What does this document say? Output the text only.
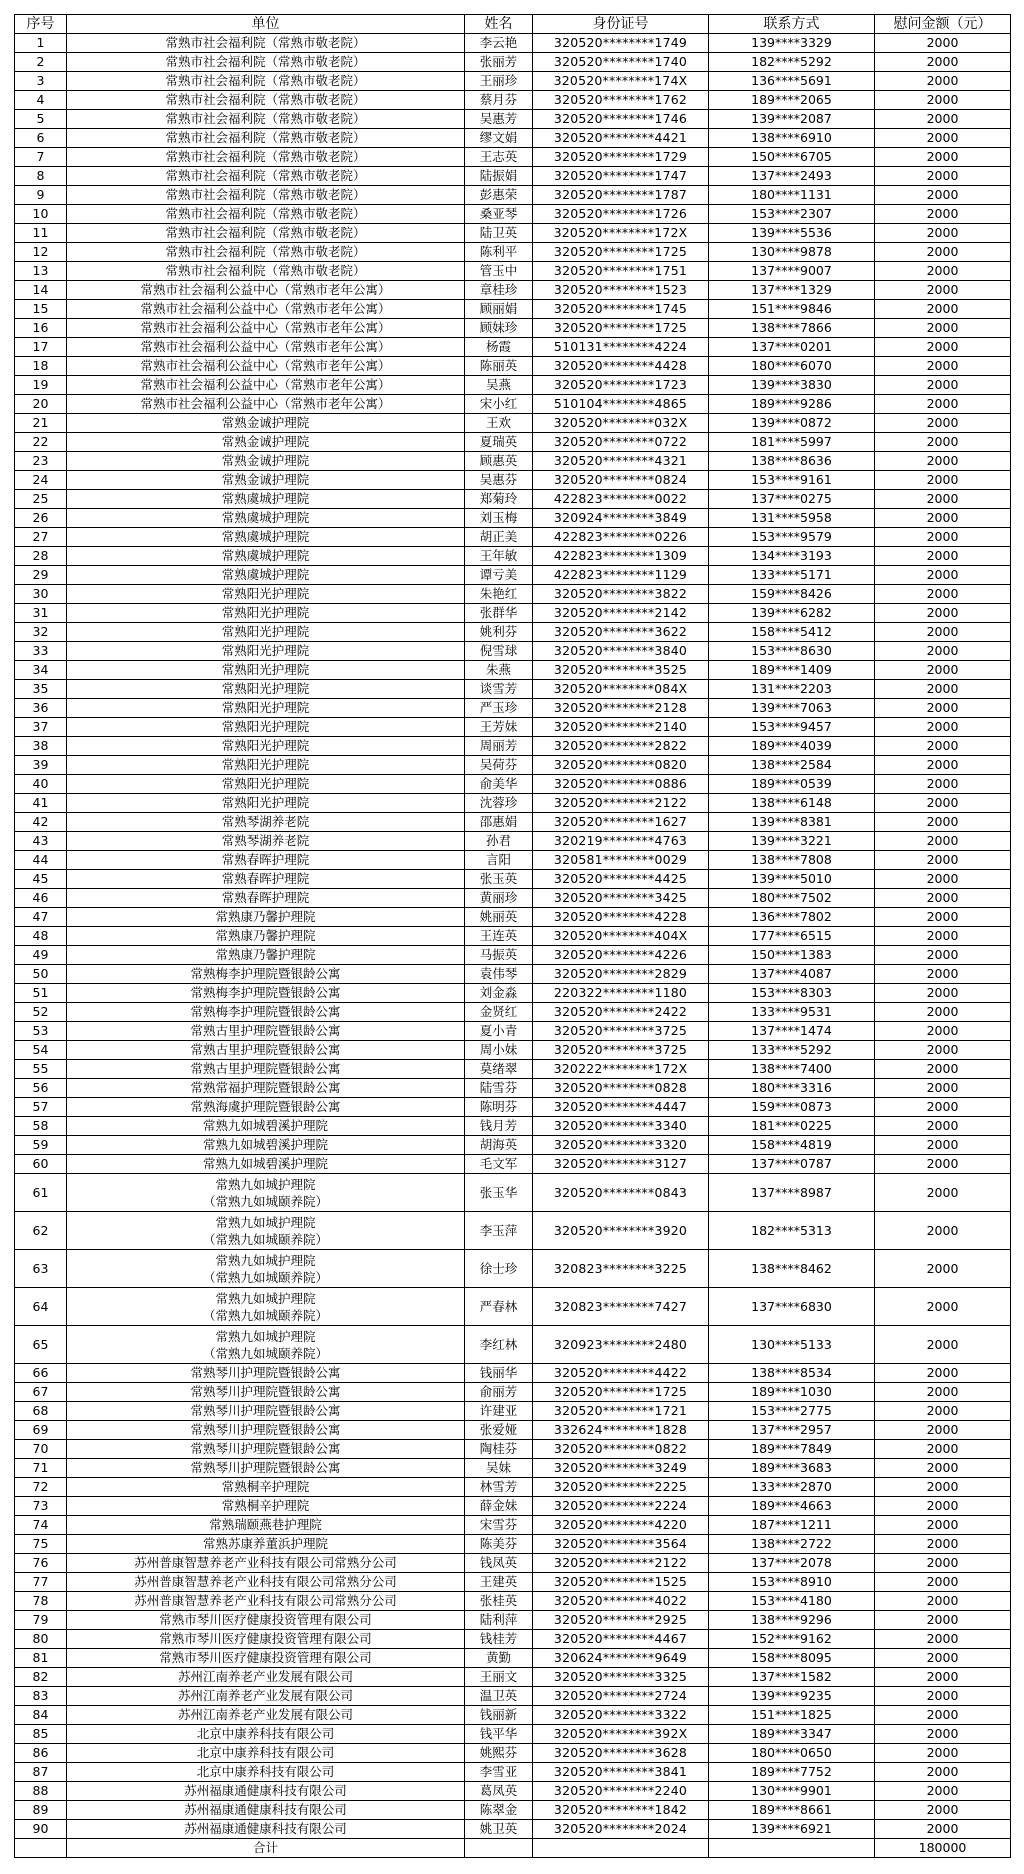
序号	单位	姓名	身份证号	联系方式	慰问金额（元）
1	常熟市社会福利院（常熟市敬老院）	李云艳	320520********1749	139****3329	2000
2	常熟市社会福利院（常熟市敬老院）	张丽芳	320520********1740	182****5292	2000
3	常熟市社会福利院（常熟市敬老院）	王丽珍	320520********174X	136****5691	2000
4	常熟市社会福利院（常熟市敬老院）	蔡月芬	320520********1762	189****2065	2000
5	常熟市社会福利院（常熟市敬老院）	吴惠芳	320520********1746	139****2087	2000
6	常熟市社会福利院（常熟市敬老院）	缪文娟	320520********4421	138****6910	2000
7	常熟市社会福利院（常熟市敬老院）	王志英	320520********1729	150****6705	2000
8	常熟市社会福利院（常熟市敬老院）	陆振娟	320520********1747	137****2493	2000
9	常熟市社会福利院（常熟市敬老院）	彭惠荣	320520********1787	180****1131	2000
10	常熟市社会福利院（常熟市敬老院）	桑亚琴	320520********1726	153****2307	2000
11	常熟市社会福利院（常熟市敬老院）	陆卫英	320520********172X	139****5536	2000
12	常熟市社会福利院（常熟市敬老院）	陈利平	320520********1725	130****9878	2000
13	常熟市社会福利院（常熟市敬老院）	管玉中	320520********1751	137****9007	2000
14	常熟市社会福利公益中心（常熟市老年公寓）	章桂珍	320520********1523	137****1329	2000
15	常熟市社会福利公益中心（常熟市老年公寓）	顾丽娟	320520********1745	151****9846	2000
16	常熟市社会福利公益中心（常熟市老年公寓）	顾妹珍	320520********1725	138****7866	2000
17	常熟市社会福利公益中心（常熟市老年公寓）	杨霞	510131********4224	137****0201	2000
18	常熟市社会福利公益中心（常熟市老年公寓）	陈丽英	320520********4428	180****6070	2000
19	常熟市社会福利公益中心（常熟市老年公寓）	吴燕	320520********1723	139****3830	2000
20	常熟市社会福利公益中心（常熟市老年公寓）	宋小红	510104********4865	189****9286	2000
21	常熟金诚护理院	王欢	320520********032X	139****0872	2000
22	常熟金诚护理院	夏瑞英	320520********0722	181****5997	2000
23	常熟金诚护理院	顾惠英	320520********4321	138****8636	2000
24	常熟金诚护理院	吴惠芬	320520********0824	153****9161	2000
25	常熟虞城护理院	郑菊玲	422823********0022	137****0275	2000
26	常熟虞城护理院	刘玉梅	320924********3849	131****5958	2000
27	常熟虞城护理院	胡正美	422823********0226	153****9579	2000
28	常熟虞城护理院	王年敏	422823********1309	134****3193	2000
29	常熟虞城护理院	谭亏美	422823********1129	133****5171	2000
30	常熟阳光护理院	朱艳红	320520********3822	159****8426	2000
31	常熟阳光护理院	张群华	320520********2142	139****6282	2000
32	常熟阳光护理院	姚利芬	320520********3622	158****5412	2000
33	常熟阳光护理院	倪雪球	320520********3840	153****8630	2000
34	常熟阳光护理院	朱燕	320520********3525	189****1409	2000
35	常熟阳光护理院	谈雪芳	320520********084X	131****2203	2000
36	常熟阳光护理院	严玉珍	320520********2128	139****7063	2000
37	常熟阳光护理院	王芳妹	320520********2140	153****9457	2000
38	常熟阳光护理院	周丽芳	320520********2822	189****4039	2000
39	常熟阳光护理院	吴荷芬	320520********0820	138****2584	2000
40	常熟阳光护理院	俞美华	320520********0886	189****0539	2000
41	常熟阳光护理院	沈蓉珍	320520********2122	138****6148	2000
42	常熟琴湖养老院	邵惠娟	320520********1627	139****8381	2000
43	常熟琴湖养老院	孙君	320219********4763	139****3221	2000
44	常熟春晖护理院	言阳	320581********0029	138****7808	2000
45	常熟春晖护理院	张玉英	320520********4425	139****5010	2000
46	常熟春晖护理院	黄丽珍	320520********3425	180****7502	2000
47	常熟康乃馨护理院	姚丽英	320520********4228	136****7802	2000
48	常熟康乃馨护理院	王连英	320520********404X	177****6515	2000
49	常熟康乃馨护理院	马振英	320520********4226	150****1383	2000
50	常熟梅李护理院暨银龄公寓	袁伟琴	320520********2829	137****4087	2000
51	常熟梅李护理院暨银龄公寓	刘金淼	220322********1180	153****8303	2000
52	常熟梅李护理院暨银龄公寓	金贤红	320520********2422	133****9531	2000
53	常熟古里护理院暨银龄公寓	夏小青	320520********3725	137****1474	2000
54	常熟古里护理院暨银龄公寓	周小妹	320520********3725	133****5292	2000
55	常熟古里护理院暨银龄公寓	莫绪翠	320222********172X	138****7400	2000
56	常熟常福护理院暨银龄公寓	陆雪芬	320520********0828	180****3316	2000
57	常熟海虞护理院暨银龄公寓	陈明芬	320520********4447	159****0873	2000
58	常熟九如城碧溪护理院	钱月芳	320520********3340	181****0225	2000
59	常熟九如城碧溪护理院	胡海英	320520********3320	158****4819	2000
60	常熟九如城碧溪护理院	毛文军	320520********3127	137****0787	2000
61	常熟九如城护理院
（常熟九如城颐养院）	张玉华	320520********0843	137****8987	2000
62	常熟九如城护理院
（常熟九如城颐养院）	李玉萍	320520********3920	182****5313	2000
63	常熟九如城护理院
（常熟九如城颐养院）	徐士珍	320823********3225	138****8462	2000
64	常熟九如城护理院
（常熟九如城颐养院）	严春林	320823********7427	137****6830	2000
65	常熟九如城护理院
（常熟九如城颐养院）	李红林	320923********2480	130****5133	2000
66	常熟琴川护理院暨银龄公寓	钱丽华	320520********4422	138****8534	2000
67	常熟琴川护理院暨银龄公寓	俞丽芳	320520********1725	189****1030	2000
68	常熟琴川护理院暨银龄公寓	许建亚	320520********1721	153****2775	2000
69	常熟琴川护理院暨银龄公寓	张爱娅	332624********1828	137****2957	2000
70	常熟琴川护理院暨银龄公寓	陶桂芬	320520********0822	189****7849	2000
71	常熟琴川护理院暨银龄公寓	吴妹	320520********3249	189****3683	2000
72	常熟桐辛护理院	林雪芳	320520********2225	133****2870	2000
73	常熟桐辛护理院	薛金妹	320520********2224	189****4663	2000
74	常熟瑞颐燕巷护理院	宋雪芬	320520********4220	187****1211	2000
75	常熟苏康养董浜护理院	陈美芬	320520********3564	138****2722	2000
76	苏州普康智慧养老产业科技有限公司常熟分公司	钱凤英	320520********2122	137****2078	2000
77	苏州普康智慧养老产业科技有限公司常熟分公司	王建英	320520********1525	153****8910	2000
78	苏州普康智慧养老产业科技有限公司常熟分公司	张桂英	320520********4022	153****4180	2000
79	常熟市琴川医疗健康投资管理有限公司	陆利萍	320520********2925	138****9296	2000
80	常熟市琴川医疗健康投资管理有限公司	钱桂芳	320520********4467	152****9162	2000
81	常熟市琴川医疗健康投资管理有限公司	黄勤	320624********9649	158****8095	2000
82	苏州江南养老产业发展有限公司	王丽文	320520********3325	137****1582	2000
83	苏州江南养老产业发展有限公司	温卫英	320520********2724	139****9235	2000
84	苏州江南养老产业发展有限公司	钱丽新	320520********3322	151****1825	2000
85	北京中康养科技有限公司	钱平华	320520********392X	189****3347	2000
86	北京中康养科技有限公司	姚熙芬	320520********3628	180****0650	2000
87	北京中康养科技有限公司	李雪亚	320520********3841	189****7752	2000
88	苏州福康通健康科技有限公司	葛凤英	320520********2240	130****9901	2000
89	苏州福康通健康科技有限公司	陈翠金	320520********1842	189****8661	2000
90	苏州福康通健康科技有限公司	姚卫英	320520********2024	139****6921	2000
	合计				180000
